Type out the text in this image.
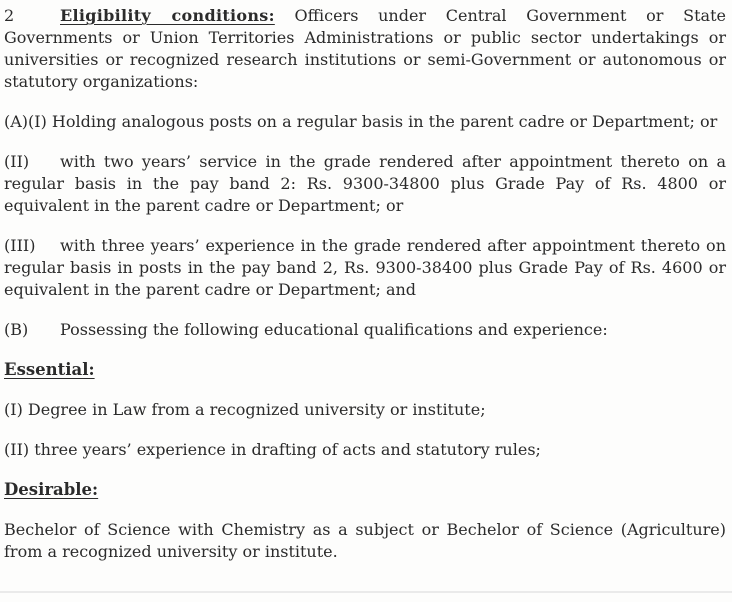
2	Eligibility conditions: Officers under Central Government or State Governments or Union Territories Administrations or public sector undertakings or universities or recognized research institutions or semi-Government or autonomous or statutory organizations:

(A)(I) Holding analogous posts on a regular basis in the parent cadre or Department; or

(II) with two years’ service in the grade rendered after appointment thereto on a regular basis in the pay band 2: Rs. 9300-34800 plus Grade Pay of Rs. 4800 or equivalent in the parent cadre or Department; or

(III) with three years’ experience in the grade rendered after appointment thereto on regular basis in posts in the pay band 2, Rs. 9300-38400 plus Grade Pay of Rs. 4600 or equivalent in the parent cadre or Department; and

(B) Possessing the following educational qualifications and experience:

Essential:

(I) Degree in Law from a recognized university or institute;

(II) three years’ experience in drafting of acts and statutory rules;

Desirable:

Bechelor of Science with Chemistry as a subject or Bechelor of Science (Agriculture) from a recognized university or institute.
